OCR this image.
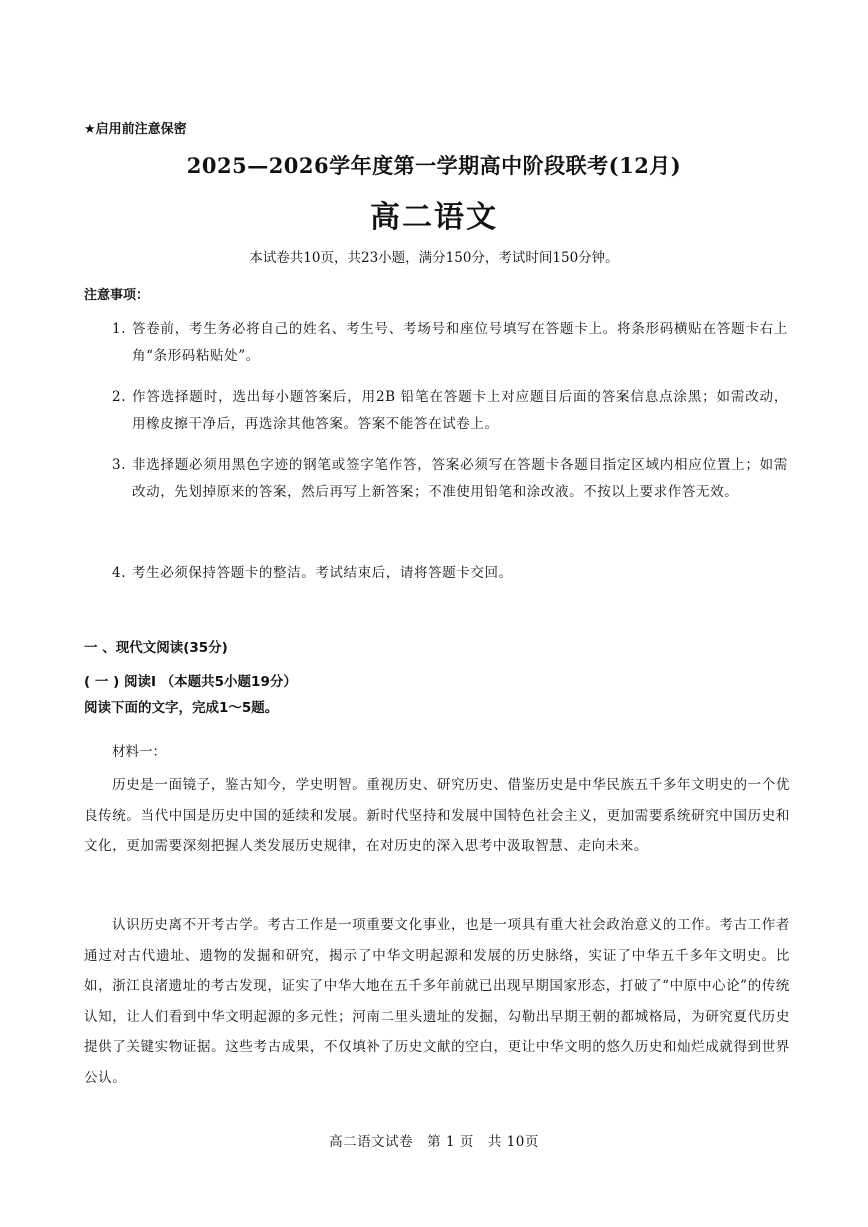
★启用前注意保密
2025—2026学年度第一学期高中阶段联考(12月)
高二语文
本试卷共10页，共23小题，满分150分，考试时间150分钟。
注意事项：
1. 答卷前，考生务必将自己的姓名、考生号、考场号和座位号填写在答题卡上。将条形码横贴在答题卡右上角“条形码粘贴处”。
2. 作答选择题时，选出每小题答案后，用2B 铅笔在答题卡上对应题目后面的答案信息点涂黑；如需改动，用橡皮擦干净后，再选涂其他答案。答案不能答在试卷上。
3. 非选择题必须用黑色字迹的钢笔或签字笔作答，答案必须写在答题卡各题目指定区域内相应位置上；如需改动，先划掉原来的答案，然后再写上新答案；不准使用铅笔和涂改液。不按以上要求作答无效。
4. 考生必须保持答题卡的整洁。考试结束后，请将答题卡交回。
一 、现代文阅读(35分)
( 一 ) 阅读Ⅰ （本题共5小题19分）
阅读下面的文字，完成1～5题。
材料一：
历史是一面镜子，鉴古知今，学史明智。重视历史、研究历史、借鉴历史是中华民族五千多年文明史的一个优良传统。当代中国是历史中国的延续和发展。新时代坚持和发展中国特色社会主义，更加需要系统研究中国历史和文化，更加需要深刻把握人类发展历史规律，在对历史的深入思考中汲取智慧、走向未来。
认识历史离不开考古学。考古工作是一项重要文化事业，也是一项具有重大社会政治意义的工作。考古工作者通过对古代遗址、遗物的发掘和研究，揭示了中华文明起源和发展的历史脉络，实证了中华五千多年文明史。比如，浙江良渚遗址的考古发现，证实了中华大地在五千多年前就已出现早期国家形态，打破了“中原中心论”的传统认知，让人们看到中华文明起源的多元性；河南二里头遗址的发掘，勾勒出早期王朝的都城格局，为研究夏代历史提供了关键实物证据。这些考古成果，不仅填补了历史文献的空白，更让中华文明的悠久历史和灿烂成就得到世界公认。
高二语文试卷　第 1 页　共 10页
